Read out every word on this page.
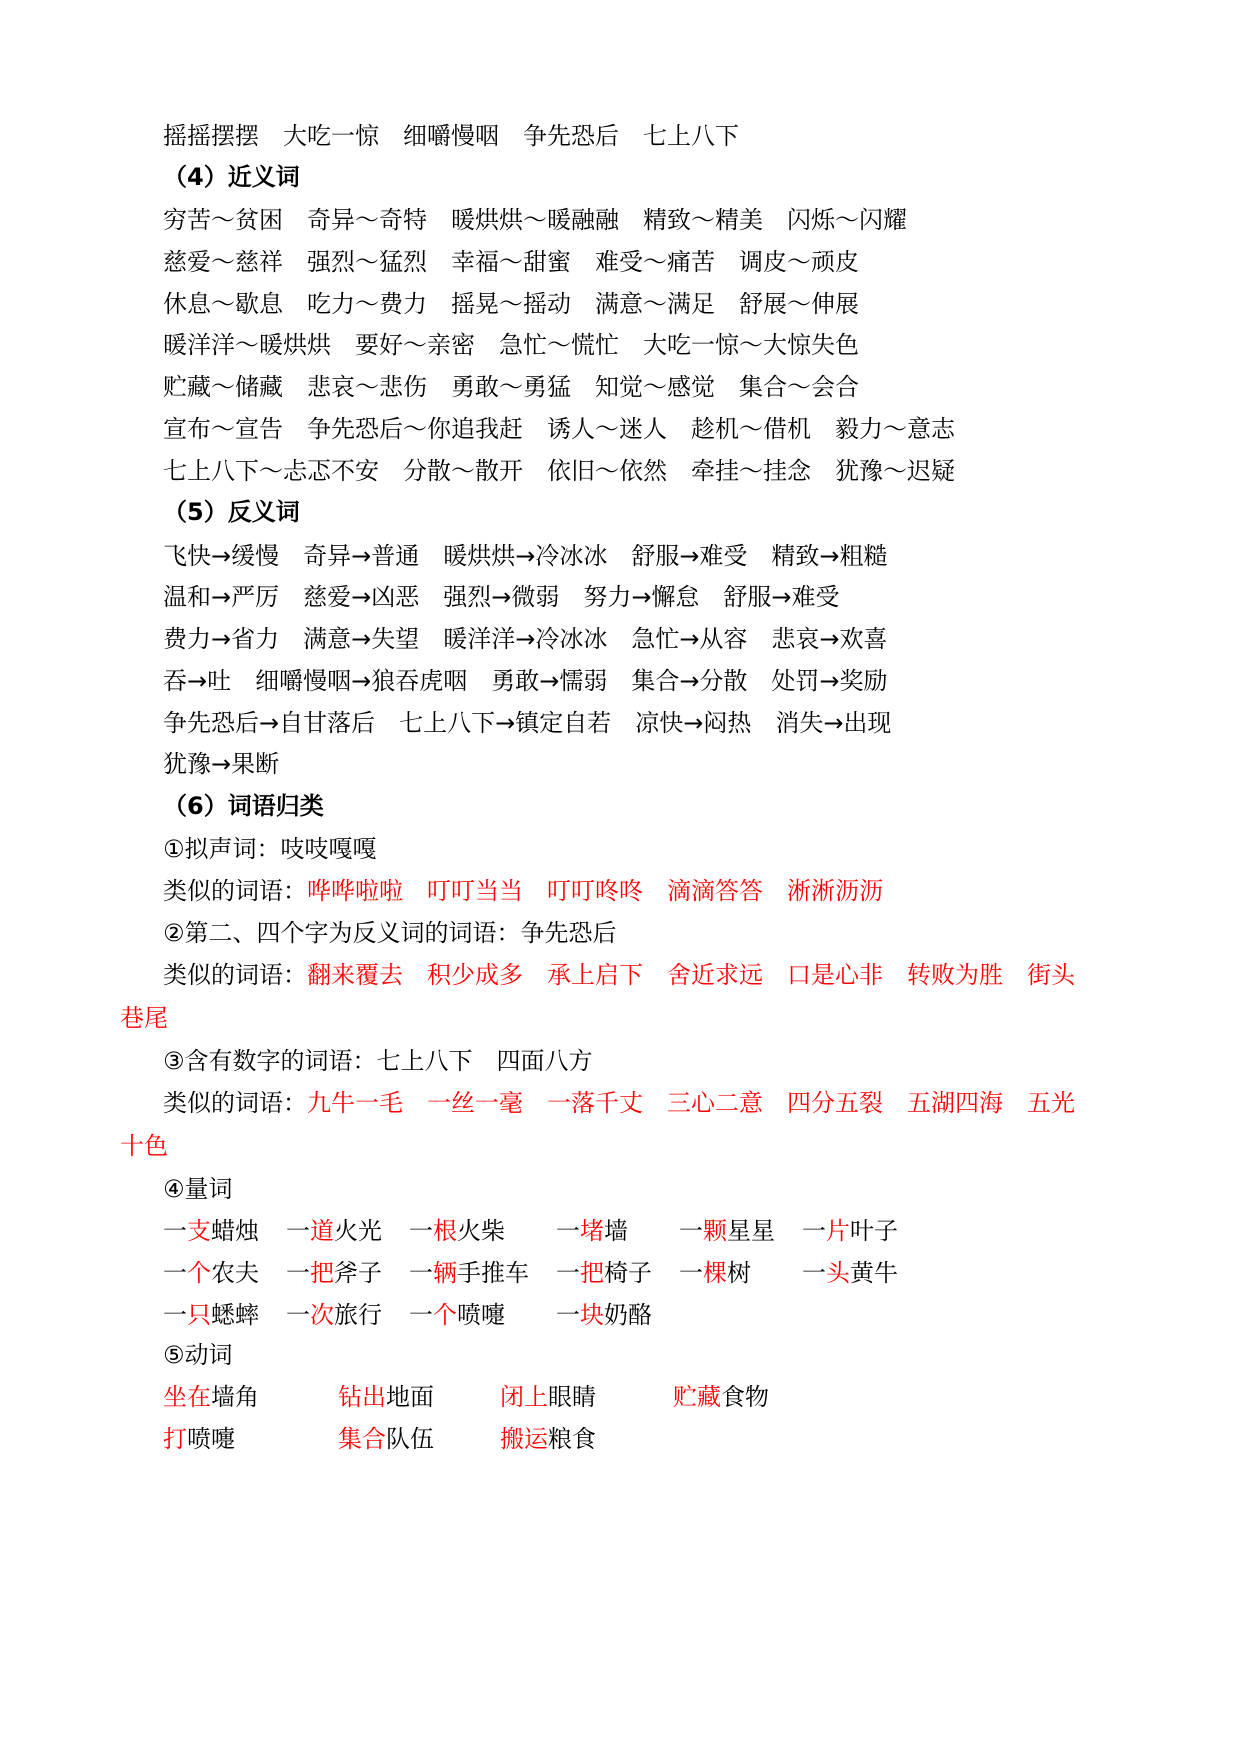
摇摇摆摆　大吃一惊　细嚼慢咽　争先恐后　七上八下
（4）近义词
穷苦～贫困　奇异～奇特　暖烘烘～暖融融　精致～精美　闪烁～闪耀
慈爱～慈祥　强烈～猛烈　幸福～甜蜜　难受～痛苦　调皮～顽皮
休息～歇息　吃力～费力　摇晃～摇动　满意～满足　舒展～伸展
暖洋洋～暖烘烘　要好～亲密　急忙～慌忙　大吃一惊～大惊失色
贮藏～储藏　悲哀～悲伤　勇敢～勇猛　知觉～感觉　集合～会合
宣布～宣告　争先恐后～你追我赶　诱人～迷人　趁机～借机　毅力～意志
七上八下～忐忑不安　分散～散开　依旧～依然　牵挂～挂念　犹豫～迟疑
（5）反义词
飞快→缓慢　奇异→普通　暖烘烘→冷冰冰　舒服→难受　精致→粗糙
温和→严厉　慈爱→凶恶　强烈→微弱　努力→懈怠　舒服→难受
费力→省力　满意→失望　暖洋洋→冷冰冰　急忙→从容　悲哀→欢喜
吞→吐　细嚼慢咽→狼吞虎咽　勇敢→懦弱　集合→分散　处罚→奖励
争先恐后→自甘落后　七上八下→镇定自若　凉快→闷热　消失→出现
犹豫→果断
（6）词语归类
①拟声词：吱吱嘎嘎
类似的词语：哗哗啦啦　叮叮当当　叮叮咚咚　滴滴答答　淅淅沥沥
②第二、四个字为反义词的词语：争先恐后
类似的词语：翻来覆去　积少成多　承上启下　舍近求远　口是心非　转败为胜　街头
巷尾
③含有数字的词语：七上八下　四面八方
类似的词语：九牛一毛　一丝一毫　一落千丈　三心二意　四分五裂　五湖四海　五光
十色
④量词
一支蜡烛 一道火光 一根火柴 一堵墙 一颗星星 一片叶子
一个农夫 一把斧子 一辆手推车 一把椅子 一棵树 一头黄牛
一只蟋蟀 一次旅行 一个喷嚏 一块奶酪
⑤动词
坐在墙角	钻出地面	闭上眼睛	贮藏食物
打喷嚏	集合队伍	搬运粮食
